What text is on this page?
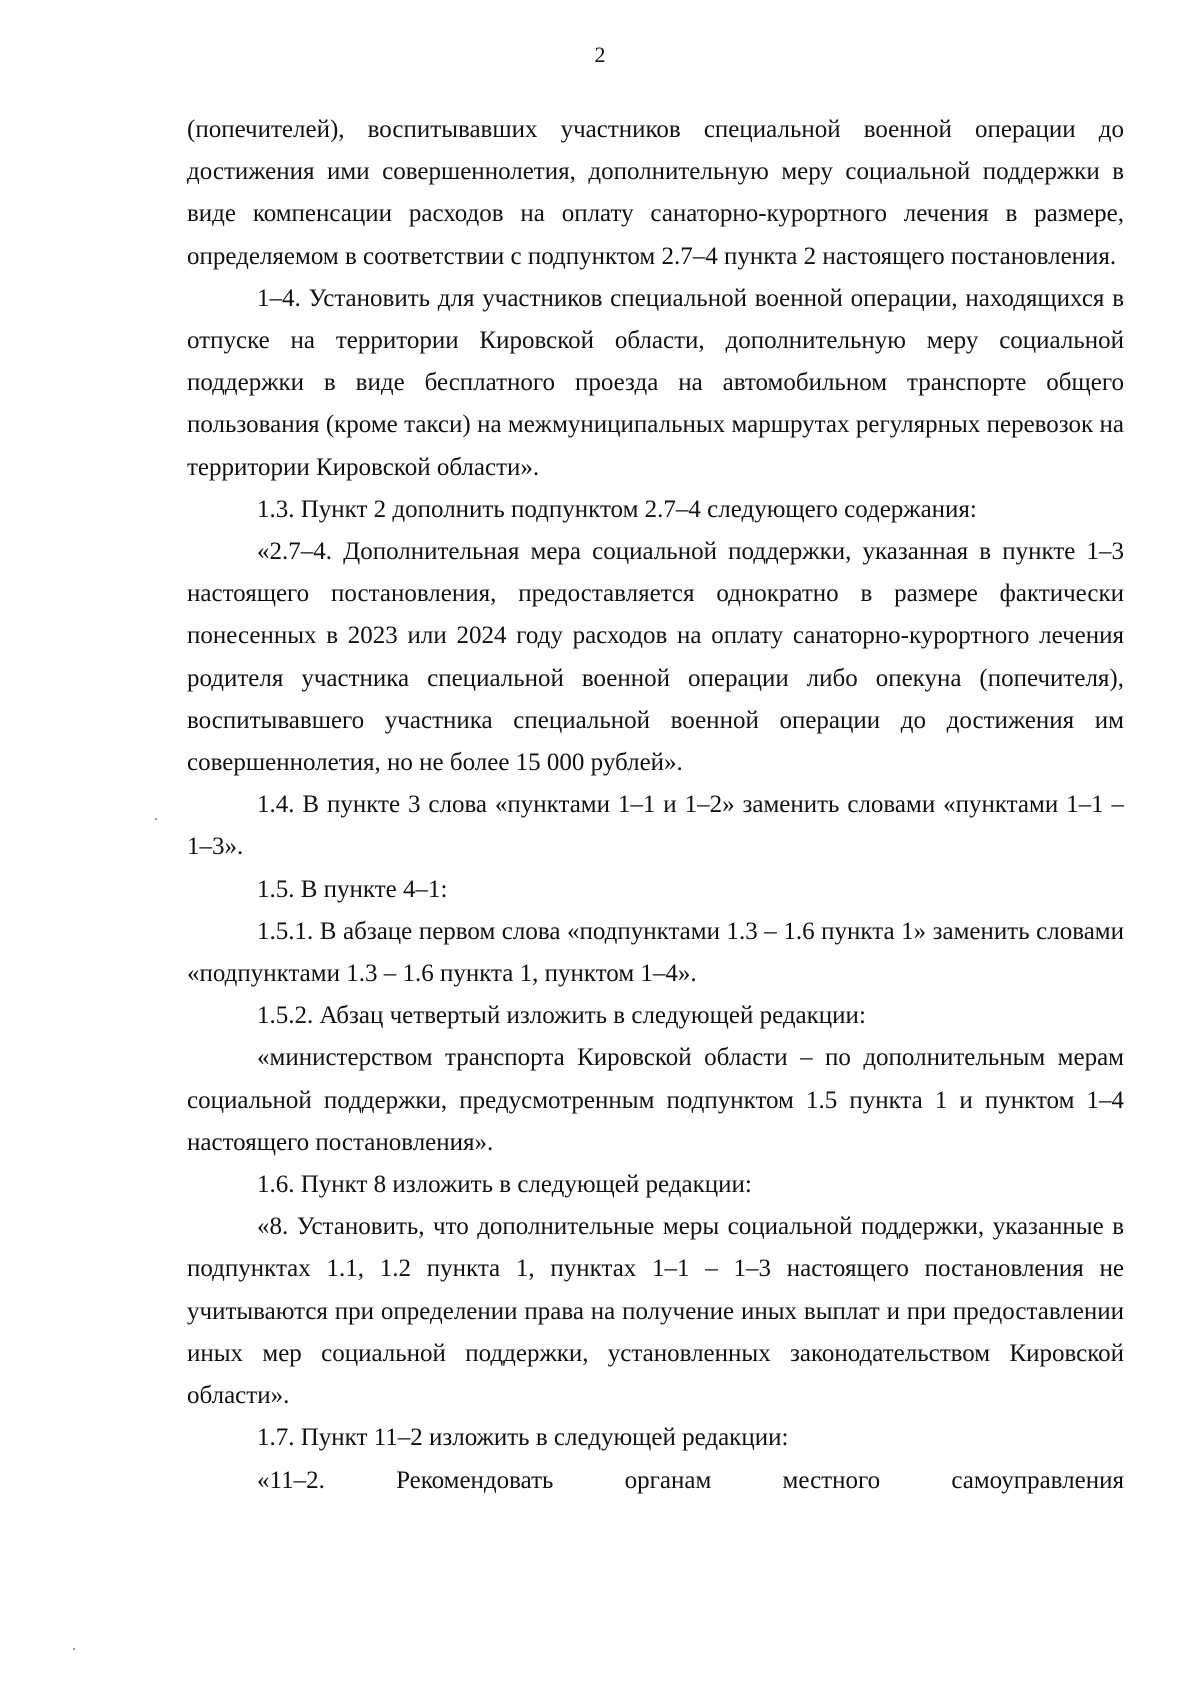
2

(попечителей), воспитывавших участников специальной военной операции до достижения ими совершеннолетия, дополнительную меру социальной поддержки в виде компенсации расходов на оплату санаторно-курортного лечения в размере, определяемом в соответствии с подпунктом 2.7–4 пункта 2 настоящего постановления.

1–4. Установить для участников специальной военной операции, находящихся в отпуске на территории Кировской области, дополнительную меру социальной поддержки в виде бесплатного проезда на автомобильном транспорте общего пользования (кроме такси) на межмуниципальных маршрутах регулярных перевозок на территории Кировской области».

1.3. Пункт 2 дополнить подпунктом 2.7–4 следующего содержания:

«2.7–4. Дополнительная мера социальной поддержки, указанная в пункте 1–3 настоящего постановления, предоставляется однократно в размере фактически понесенных в 2023 или 2024 году расходов на оплату санаторно-курортного лечения родителя участника специальной военной операции либо опекуна (попечителя), воспитывавшего участника специальной военной операции до достижения им совершеннолетия, но не более 15 000 рублей».

1.4. В пункте 3 слова «пунктами 1–1 и 1–2» заменить словами «пунктами 1–1 – 1–3».

1.5. В пункте 4–1:

1.5.1. В абзаце первом слова «подпунктами 1.3 – 1.6 пункта 1» заменить словами «подпунктами 1.3 – 1.6 пункта 1, пунктом 1–4».

1.5.2. Абзац четвертый изложить в следующей редакции:

«министерством транспорта Кировской области – по дополнительным мерам социальной поддержки, предусмотренным подпунктом 1.5 пункта 1 и пунктом 1–4 настоящего постановления».

1.6. Пункт 8 изложить в следующей редакции:

«8. Установить, что дополнительные меры социальной поддержки, указанные в подпунктах 1.1, 1.2 пункта 1, пунктах 1–1 – 1–3 настоящего постановления не учитываются при определении права на получение иных выплат и при предоставлении иных мер социальной поддержки, установленных законодательством Кировской области».

1.7. Пункт 11–2 изложить в следующей редакции:

«11–2. Рекомендовать органам местного самоуправления
